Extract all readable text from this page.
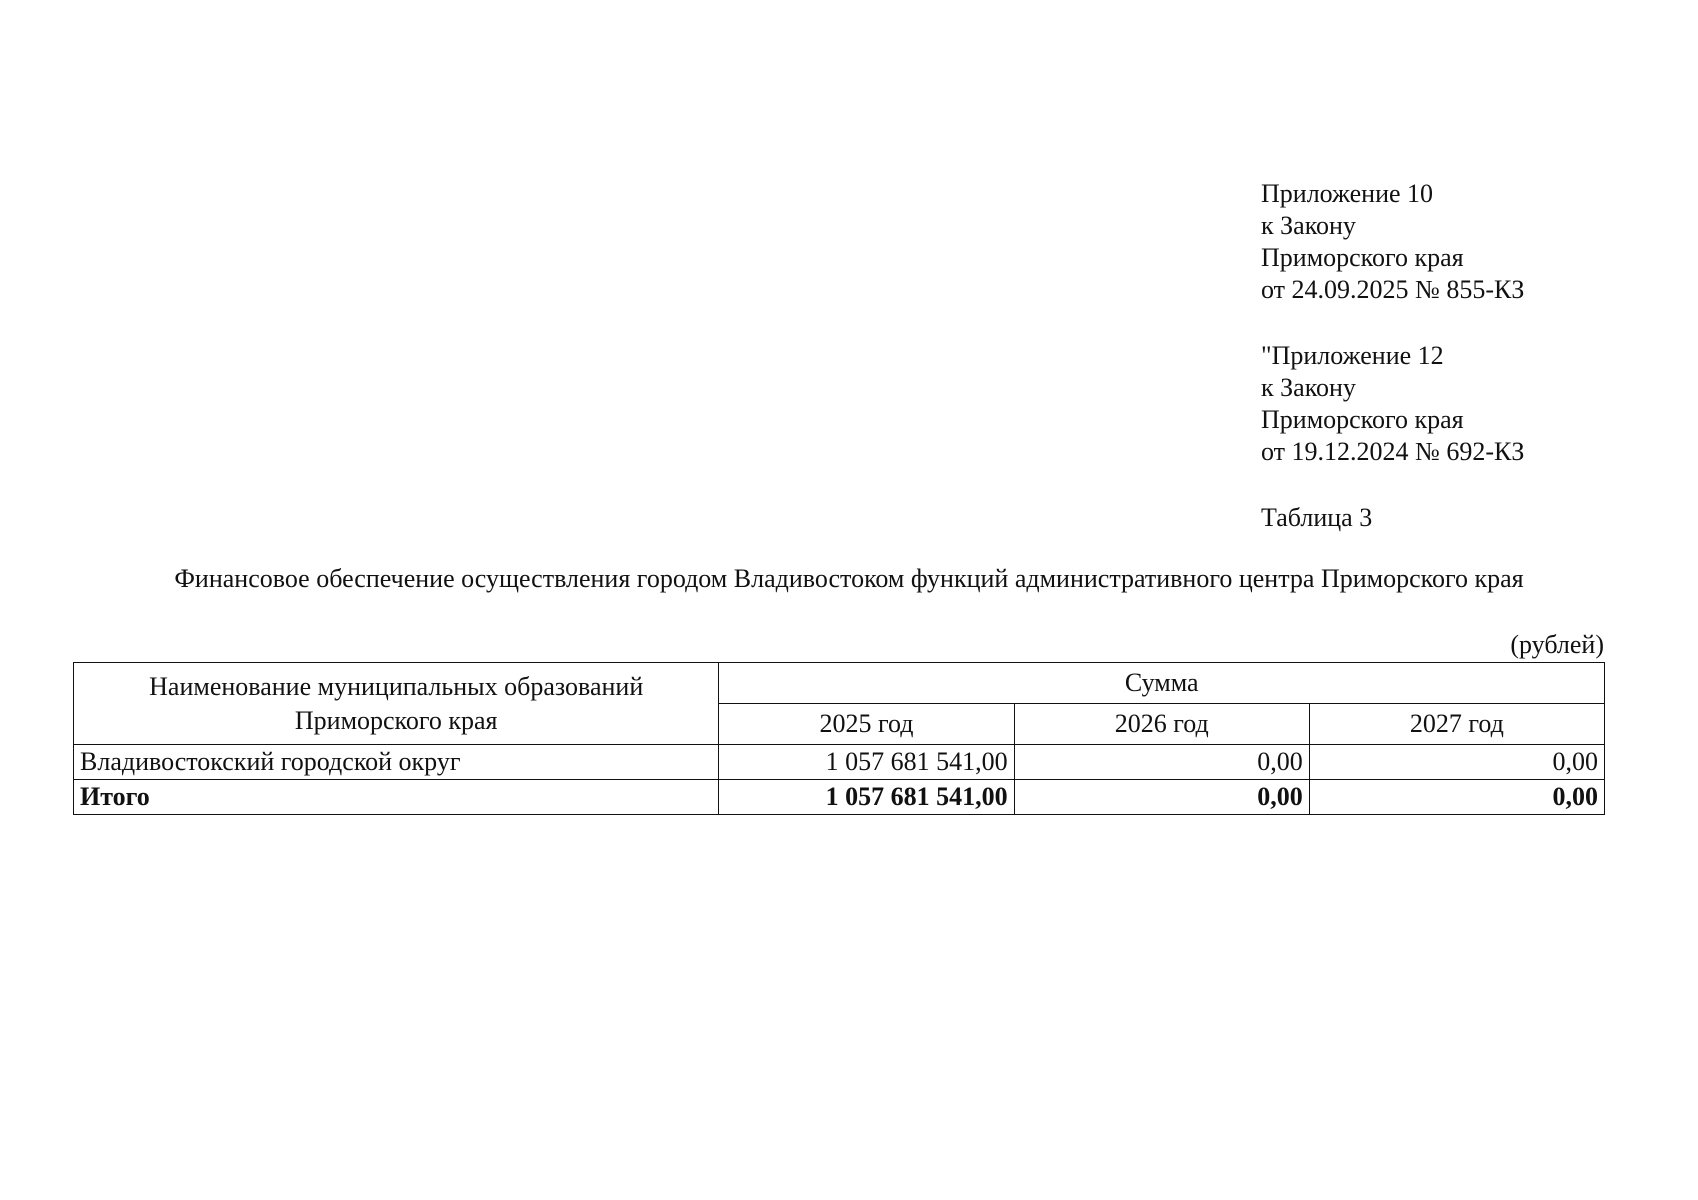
Приложение 10
к Закону
Приморского края
от 24.09.2025 № 855-КЗ
"Приложение 12
к Закону
Приморского края
от 19.12.2024 № 692-КЗ
Таблица 3
Финансовое обеспечение осуществления городом Владивостоком функций административного центра Приморского края
(рублей)
Наименование муниципальных образований Приморского края	Сумма		
	2025 год	2026 год	2027 год
Владивостокский городской округ	1 057 681 541,00	0,00	0,00
Итого	1 057 681 541,00	0,00	0,00
